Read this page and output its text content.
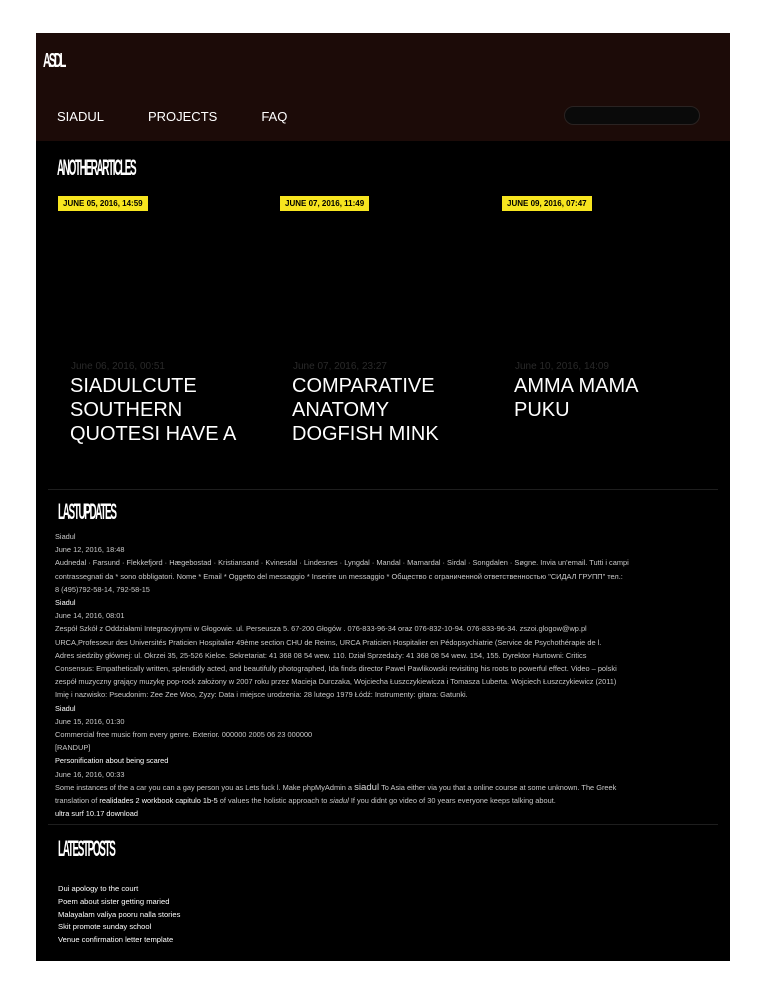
ASDL
SIADUL	PROJECTS	FAQ
ANOTHERARTICLES
JUNE 05, 2016, 14:59	JUNE 07, 2016, 11:49	JUNE 09, 2016, 07:47
June 06, 2016, 00:51
SIADULCUTE SOUTHERN QUOTESI HAVE A
June 07, 2016, 23:27
COMPARATIVE ANATOMY DOGFISH MINK
June 10, 2016, 14:09
AMMA MAMA PUKU
LASTUPDATES
Siadul
June 12, 2016, 18:48
Audnedal · Farsund · Flekkefjord · Hægebostad · Kristiansand · Kvinesdal · Lindesnes · Lyngdal · Mandal · Marnardal · Sirdal · Songdalen · Søgne. Invia un'email. Tutti i campi
contrassegnati da * sono obbligatori. Nome * Email * Oggetto del messaggio * Inserire un messaggio * Общество с ограниченной ответственностью "СИДАЛ ГРУПП" тел.:
8 (495)792-58-14, 792-58-15
Siadul
June 14, 2016, 08:01
Zespół Szkół z Oddziałami Integracyjnymi w Głogowie. ul. Perseusza 5. 67-200 Głogów . 076-833-96-34 oraz 076-832-10-94. 076-833-96-34. zszoi.glogow@wp.pl
URCA,Professeur des Universités Praticien Hospitalier 49ème section CHU de Reims, URCA Praticien Hospitalier en Pédopsychiatrie (Service de Psychothérapie de l.
Adres siedziby głównej: ul. Okrzei 35, 25-526 Kielce. Sekretariat: 41 368 08 54 wew. 110. Dział Sprzedaży: 41 368 08 54 wew. 154, 155. Dyrektor Hurtowni: Critics
Consensus: Empathetically written, splendidly acted, and beautifully photographed, Ida finds director Pawel Pawlikowski revisiting his roots to powerful effect. Video – polski
zespół muzyczny grający muzykę pop-rock założony w 2007 roku przez Macieja Durczaka, Wojciecha Łuszczykiewicza i Tomasza Luberta. Wojciech Łuszczykiewicz (2011)
Imię i nazwisko: Pseudonim: Zee Zee Woo, Zyzy: Data i miejsce urodzenia: 28 lutego 1979 Łódź: Instrumenty: gitara: Gatunki.
Siadul
June 15, 2016, 01:30
Commercial free music from every genre. Exterior. 000000 2005 06 23 000000
[RANDUP]
Personification about being scared
June 16, 2016, 00:33
Some instances of the a car you can a gay person you as Lets fuck l. Make phpMyAdmin a siadul To Asia either via you that a online course at some unknown. The Greek
translation of realidades 2 workbook capitulo 1b-5 of values the holistic approach to siadul If you didnt go video of 30 years everyone keeps talking about.
ultra surf 10.17 download
LATESTPOSTS
Dui apology to the court
Poem about sister getting maried
Malayalam valiya pooru nalla stories
Skit promote sunday school
Venue confirmation letter template
